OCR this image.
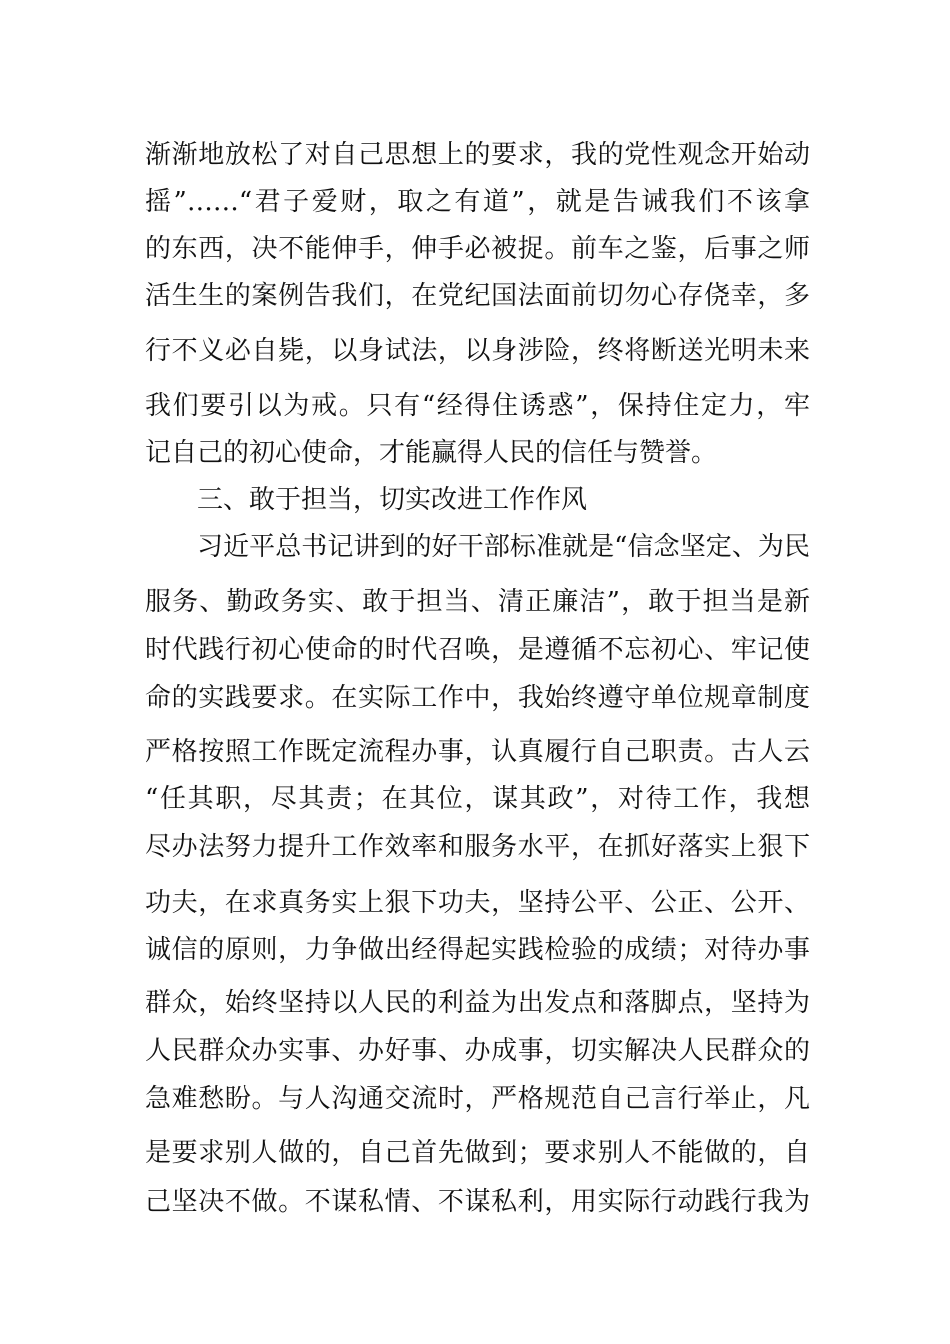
渐渐地放松了对自己思想上的要求，我的党性观念开始动
摇”……“君子爱财，取之有道”，就是告诫我们不该拿
的东西，决不能伸手，伸手必被捉。前车之鉴，后事之师
活生生的案例告我们，在党纪国法面前切勿心存侥幸，多
行不义必自毙，以身试法，以身涉险，终将断送光明未来
我们要引以为戒。只有“经得住诱惑”，保持住定力，牢
记自己的初心使命，才能赢得人民的信任与赞誉。
三、敢于担当，切实改进工作作风
习近平总书记讲到的好干部标准就是“信念坚定、为民
服务、勤政务实、敢于担当、清正廉洁”，敢于担当是新
时代践行初心使命的时代召唤，是遵循不忘初心、牢记使
命的实践要求。在实际工作中，我始终遵守单位规章制度
严格按照工作既定流程办事，认真履行自己职责。古人云
“任其职，尽其责；在其位，谋其政”，对待工作，我想
尽办法努力提升工作效率和服务水平，在抓好落实上狠下
功夫，在求真务实上狠下功夫，坚持公平、公正、公开、
诚信的原则，力争做出经得起实践检验的成绩；对待办事
群众，始终坚持以人民的利益为出发点和落脚点，坚持为
人民群众办实事、办好事、办成事，切实解决人民群众的
急难愁盼。与人沟通交流时，严格规范自己言行举止，凡
是要求别人做的，自己首先做到；要求别人不能做的，自
己坚决不做。不谋私情、不谋私利，用实际行动践行我为
